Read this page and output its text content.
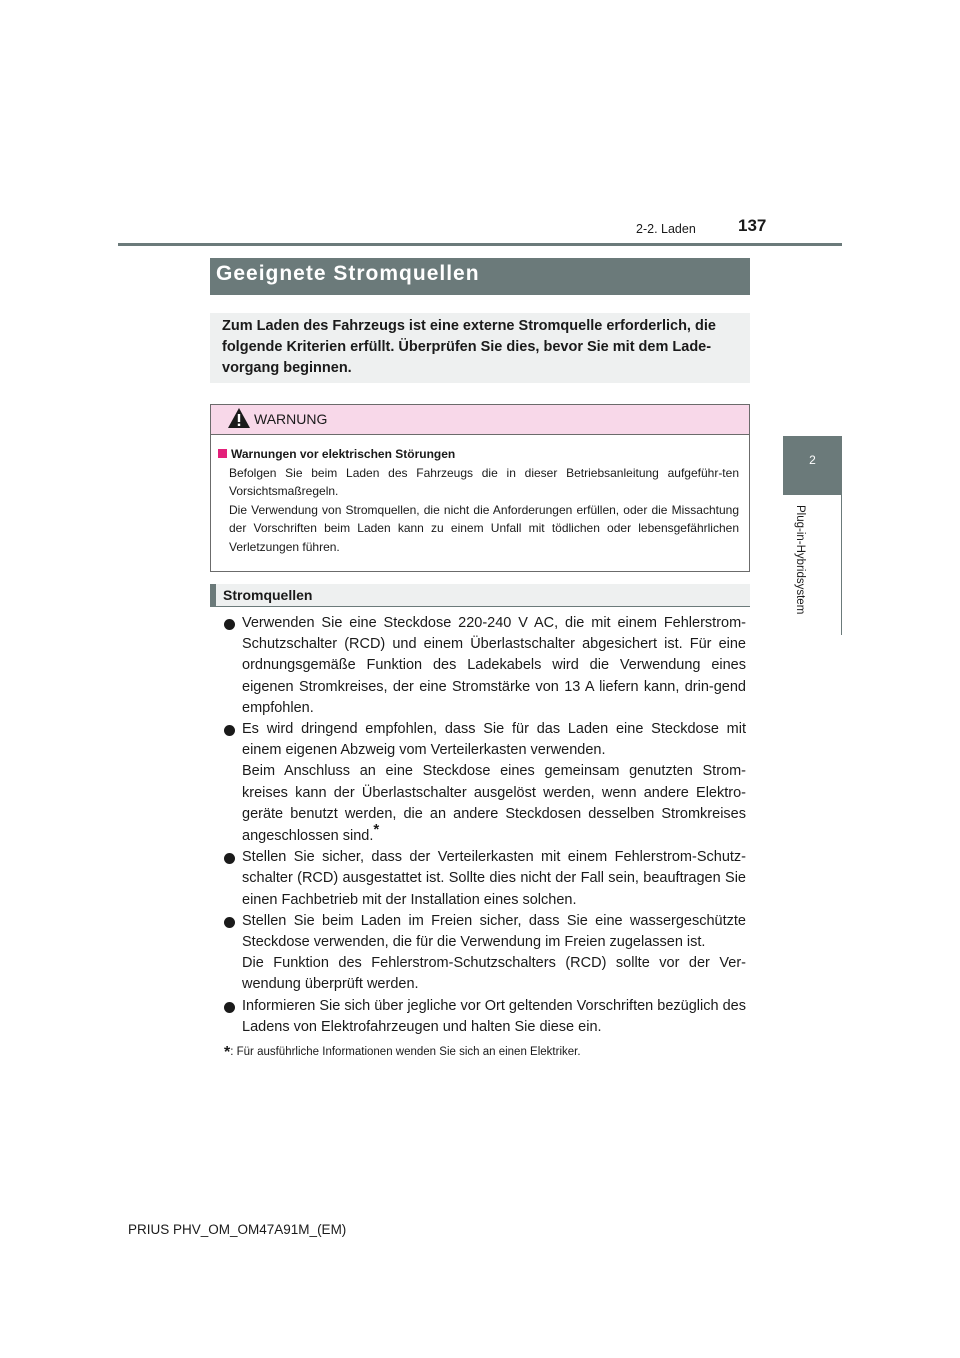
137
2-2. Laden
2
Plug-in-Hybridsystem
Geeignete Stromquellen
Zum Laden des Fahrzeugs ist eine externe Stromquelle erforderlich, die folgende Kriterien erfüllt. Überprüfen Sie dies, bevor Sie mit dem Lade-vorgang beginnen.
WARNUNG
Warnungen vor elektrischen Störungen

Befolgen Sie beim Laden des Fahrzeugs die in dieser Betriebsanleitung aufgeführ-ten Vorsichtsmaßregeln.

Die Verwendung von Stromquellen, die nicht die Anforderungen erfüllen, oder die Missachtung der Vorschriften beim Laden kann zu einem Unfall mit tödlichen oder lebensgefährlichen Verletzungen führen.

Stromquellen

Verwenden Sie eine Steckdose 220-240 V AC, die mit einem Fehlerstrom-Schutzschalter (RCD) und einem Überlastschalter abgesichert ist. Für eine ordnungsgemäße Funktion des Ladekabels wird die Verwendung eines eigenen Stromkreises, der eine Stromstärke von 13 A liefern kann, drin-gend empfohlen.

Es wird dringend empfohlen, dass Sie für das Laden eine Steckdose mit einem eigenen Abzweig vom Verteilerkasten verwenden.

Beim Anschluss an eine Steckdose eines gemeinsam genutzten Strom-kreises kann der Überlastschalter ausgelöst werden, wenn andere Elektro-geräte benutzt werden, die an andere Steckdosen desselben Stromkreises angeschlossen sind.*

Stellen Sie sicher, dass der Verteilerkasten mit einem Fehlerstrom-Schutz-schalter (RCD) ausgestattet ist. Sollte dies nicht der Fall sein, beauftragen Sie einen Fachbetrieb mit der Installation eines solchen.

Stellen Sie beim Laden im Freien sicher, dass Sie eine wassergeschützte Steckdose verwenden, die für die Verwendung im Freien zugelassen ist.

Die Funktion des Fehlerstrom-Schutzschalters (RCD) sollte vor der Ver-wendung überprüft werden.

Informieren Sie sich über jegliche vor Ort geltenden Vorschriften bezüglich des Ladens von Elektrofahrzeugen und halten Sie diese ein.

*: Für ausführliche Informationen wenden Sie sich an einen Elektriker.
PRIUS PHV_OM_OM47A91M_(EM)
